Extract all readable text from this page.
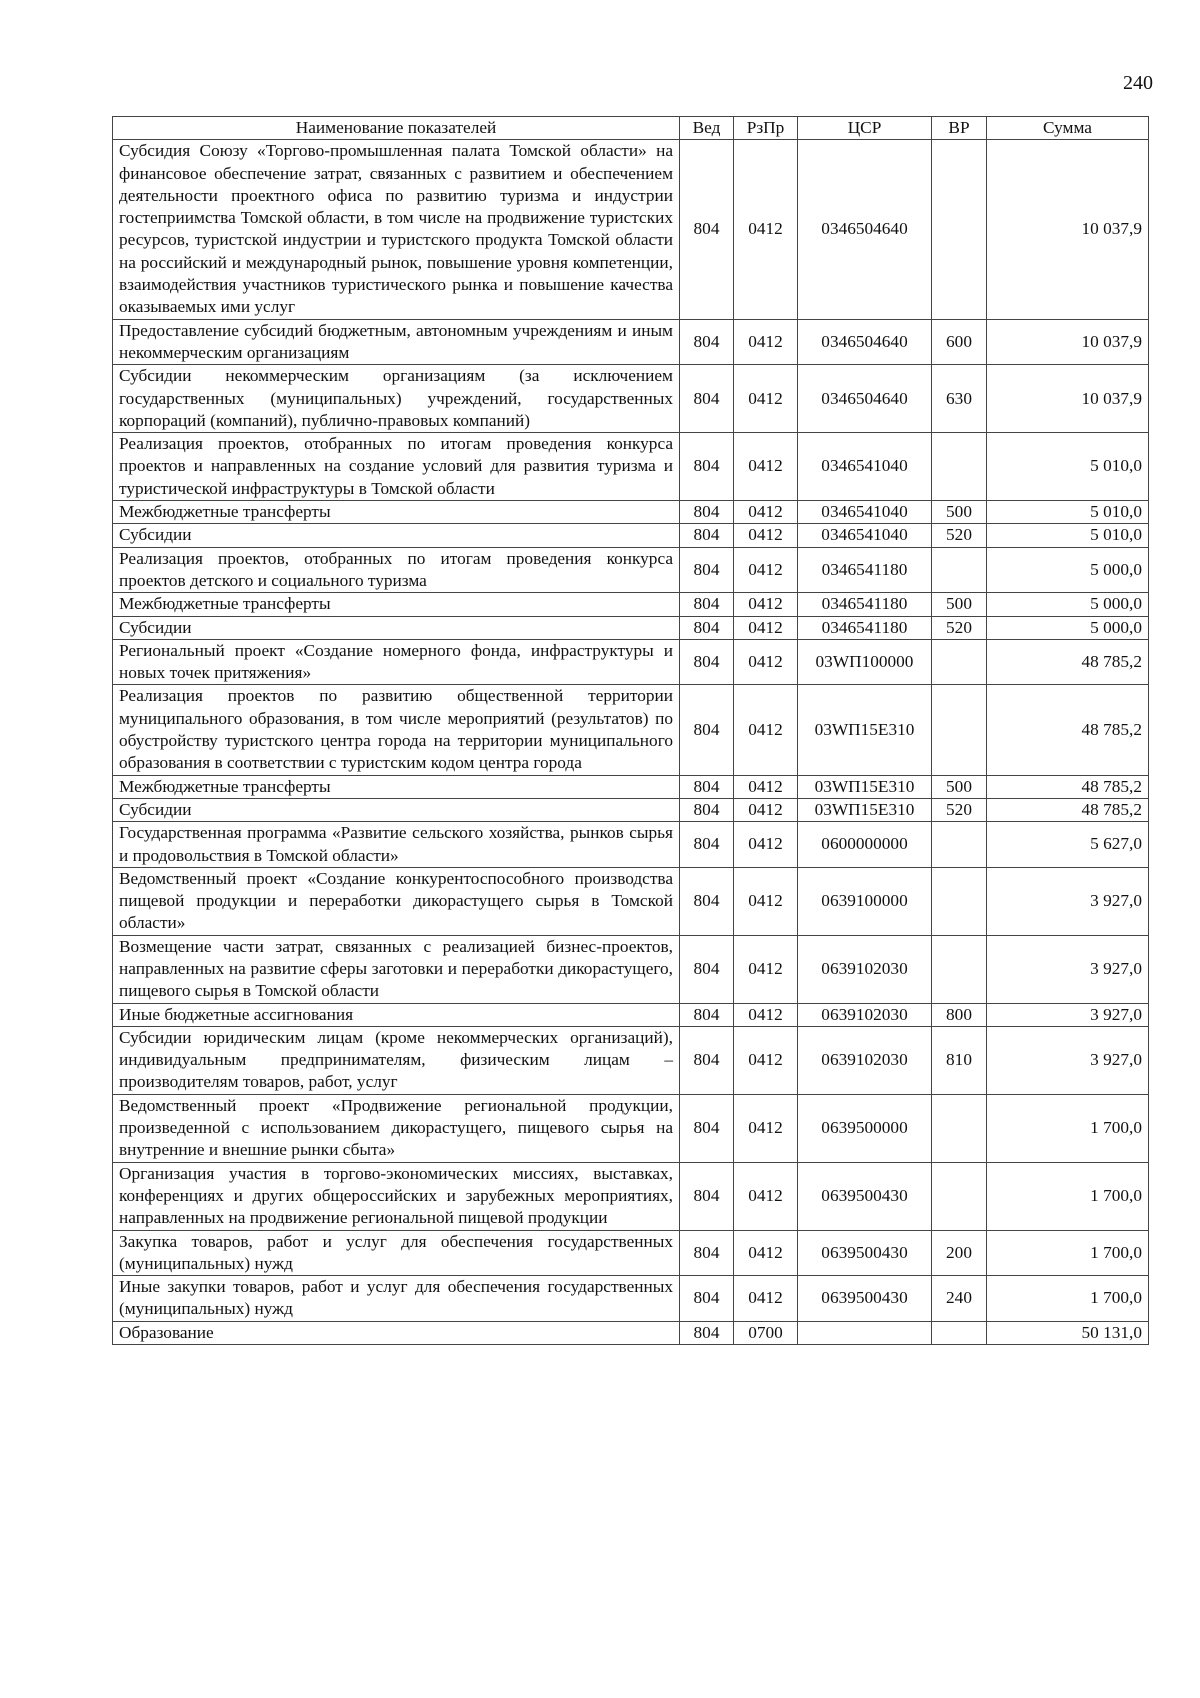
240
Наименование показателей	Вед	РзПр	ЦСР	ВР	Сумма
Субсидия Союзу «Торгово-промышленная палата Томской области» на финансовое обеспечение затрат, связанных с развитием и обеспечением деятельности проектного офиса по развитию туризма и индустрии гостеприимства Томской области, в том числе на продвижение туристских ресурсов, туристской индустрии и туристского продукта Томской области на российский и международный рынок, повышение уровня компетенции, взаимодействия участников туристического рынка и повышение качества оказываемых ими услуг	804	0412	0346504640		10 037,9
Предоставление субсидий бюджетным, автономным учреждениям и иным некоммерческим организациям	804	0412	0346504640	600	10 037,9
Субсидии некоммерческим организациям (за исключением государственных (муниципальных) учреждений, государственных корпораций (компаний), публично-правовых компаний)	804	0412	0346504640	630	10 037,9
Реализация проектов, отобранных по итогам проведения конкурса проектов и направленных на создание условий для развития туризма и туристической инфраструктуры в Томской области	804	0412	0346541040		5 010,0
Межбюджетные трансферты	804	0412	0346541040	500	5 010,0
Субсидии	804	0412	0346541040	520	5 010,0
Реализация проектов, отобранных по итогам проведения конкурса проектов детского и социального туризма	804	0412	0346541180		5 000,0
Межбюджетные трансферты	804	0412	0346541180	500	5 000,0
Субсидии	804	0412	0346541180	520	5 000,0
Региональный проект «Создание номерного фонда, инфраструктуры и новых точек притяжения»	804	0412	03WП100000		48 785,2
Реализация проектов по развитию общественной территории муниципального образования, в том числе мероприятий (результатов) по обустройству туристского центра города на территории муниципального образования в соответствии с туристским кодом центра города	804	0412	03WП15E310		48 785,2
Межбюджетные трансферты	804	0412	03WП15E310	500	48 785,2
Субсидии	804	0412	03WП15E310	520	48 785,2
Государственная программа «Развитие сельского хозяйства, рынков сырья и продовольствия в Томской области»	804	0412	0600000000		5 627,0
Ведомственный проект «Создание конкурентоспособного производства пищевой продукции и переработки дикорастущего сырья в Томской области»	804	0412	0639100000		3 927,0
Возмещение части затрат, связанных с реализацией бизнес-проектов, направленных на развитие сферы заготовки и переработки дикорастущего, пищевого сырья в Томской области	804	0412	0639102030		3 927,0
Иные бюджетные ассигнования	804	0412	0639102030	800	3 927,0
Субсидии юридическим лицам (кроме некоммерческих организаций), индивидуальным предпринимателям, физическим лицам – производителям товаров, работ, услуг	804	0412	0639102030	810	3 927,0
Ведомственный проект «Продвижение региональной продукции, произведенной с использованием дикорастущего, пищевого сырья на внутренние и внешние рынки сбыта»	804	0412	0639500000		1 700,0
Организация участия в торгово-экономических миссиях, выставках, конференциях и других общероссийских и зарубежных мероприятиях, направленных на продвижение региональной пищевой продукции	804	0412	0639500430		1 700,0
Закупка товаров, работ и услуг для обеспечения государственных (муниципальных) нужд	804	0412	0639500430	200	1 700,0
Иные закупки товаров, работ и услуг для обеспечения государственных (муниципальных) нужд	804	0412	0639500430	240	1 700,0
Образование	804	0700			50 131,0
